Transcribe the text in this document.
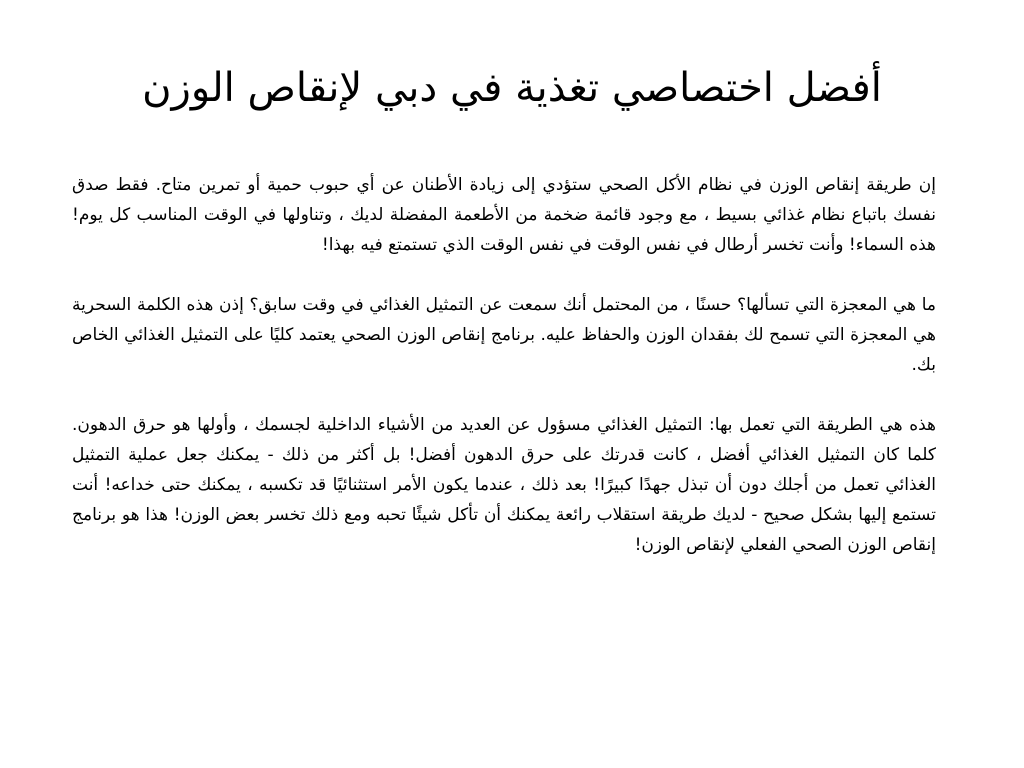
أفضل اختصاصي تغذية في دبي لإنقاص الوزن

إن طريقة إنقاص الوزن في نظام الأكل الصحي ستؤدي إلى زيادة الأطنان عن أي حبوب حمية أو تمرين متاح. فقط صدق نفسك باتباع نظام غذائي بسيط ، مع وجود قائمة ضخمة من الأطعمة المفضلة لديك ، وتناولها في الوقت المناسب كل يوم! هذه السماء! وأنت تخسر أرطال في نفس الوقت في نفس الوقت الذي تستمتع فيه بهذا!

ما هي المعجزة التي تسألها؟ حسنًا ، من المحتمل أنك سمعت عن التمثيل الغذائي في وقت سابق؟ إذن هذه الكلمة السحرية هي المعجزة التي تسمح لك بفقدان الوزن والحفاظ عليه. برنامج إنقاص الوزن الصحي يعتمد كليًا على التمثيل الغذائي الخاص بك.

هذه هي الطريقة التي تعمل بها: التمثيل الغذائي مسؤول عن العديد من الأشياء الداخلية لجسمك ، وأولها هو حرق الدهون. كلما كان التمثيل الغذائي أفضل ، كانت قدرتك على حرق الدهون أفضل! بل أكثر من ذلك - يمكنك جعل عملية التمثيل الغذائي تعمل من أجلك دون أن تبذل جهدًا كبيرًا! بعد ذلك ، عندما يكون الأمر استثنائيًا قد تكسبه ، يمكنك حتى خداعه! أنت تستمع إليها بشكل صحيح - لديك طريقة استقلاب رائعة يمكنك أن تأكل شيئًا تحبه ومع ذلك تخسر بعض الوزن! هذا هو برنامج إنقاص الوزن الصحي الفعلي لإنقاص الوزن!
